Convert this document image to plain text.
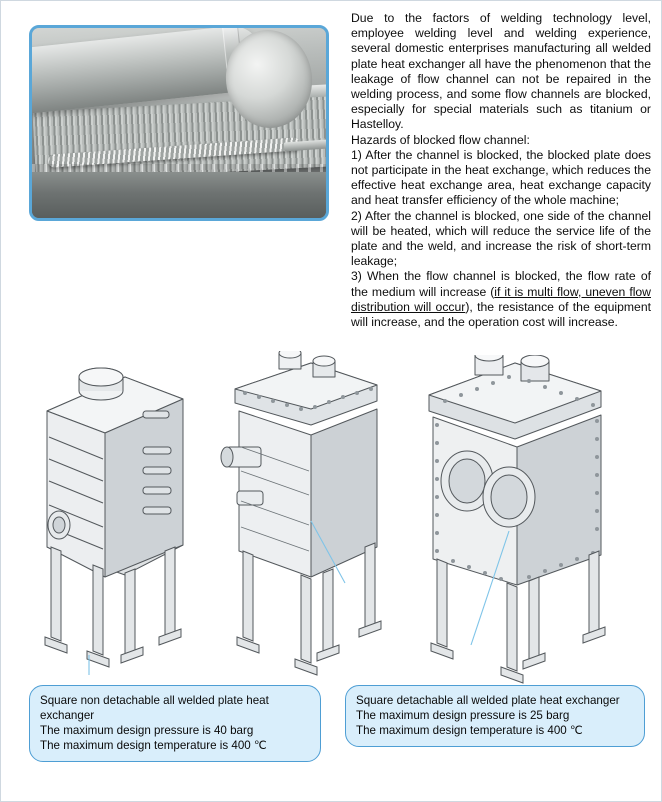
Due to the factors of welding technology level, employee welding level and welding experience, several domestic enterprises manufacturing all welded plate heat exchanger all have the phenomenon that the leakage of flow channel can not be repaired in the welding process, and some flow channels are blocked, especially for special materials such as titanium or Hastelloy.

Hazards of blocked flow channel:

1) After the channel is blocked, the blocked plate does not participate in the heat exchange, which reduces the effective heat exchange area, heat exchange capacity and heat transfer efficiency of the whole machine;

2) After the channel is blocked, one side of the channel will be heated, which will reduce the service life of the plate and the weld, and increase the risk of short-term leakage;

3) When the flow channel is blocked, the flow rate of the medium will increase (if it is multi flow, uneven flow distribution will occur), the resistance of the equipment will increase, and the operation cost will increase.

Square non detachable all welded plate heat exchanger
The maximum design pressure is 40 barg
The maximum design temperature is 400 ℃
Square detachable all welded plate heat exchanger
The maximum design pressure is 25 barg
The maximum design temperature is 400 ℃
